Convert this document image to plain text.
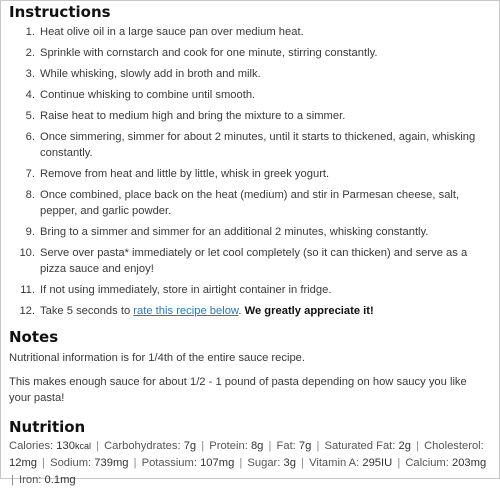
Instructions
1. Heat olive oil in a large sauce pan over medium heat.
2. Sprinkle with cornstarch and cook for one minute, stirring constantly.
3. While whisking, slowly add in broth and milk.
4. Continue whisking to combine until smooth.
5. Raise heat to medium high and bring the mixture to a simmer.
6. Once simmering, simmer for about 2 minutes, until it starts to thickened, again, whisking constantly.
7. Remove from heat and little by little, whisk in greek yogurt.
8. Once combined, place back on the heat (medium) and stir in Parmesan cheese, salt, pepper, and garlic powder.
9. Bring to a simmer and simmer for an additional 2 minutes, whisking constantly.
10. Serve over pasta* immediately or let cool completely (so it can thicken) and serve as a pizza sauce and enjoy!
11. If not using immediately, store in airtight container in fridge.
12. Take 5 seconds to rate this recipe below. We greatly appreciate it!
Notes

Nutritional information is for 1/4th of the entire sauce recipe.

This makes enough sauce for about 1/2 - 1 pound of pasta depending on how saucy you like your pasta!

Nutrition
Calories: 130kcal | Carbohydrates: 7g | Protein: 8g | Fat: 7g | Saturated Fat: 2g | Cholesterol: 12mg | Sodium: 739mg | Potassium: 107mg | Sugar: 3g | Vitamin A: 295IU | Calcium: 203mg | Iron: 0.1mg
